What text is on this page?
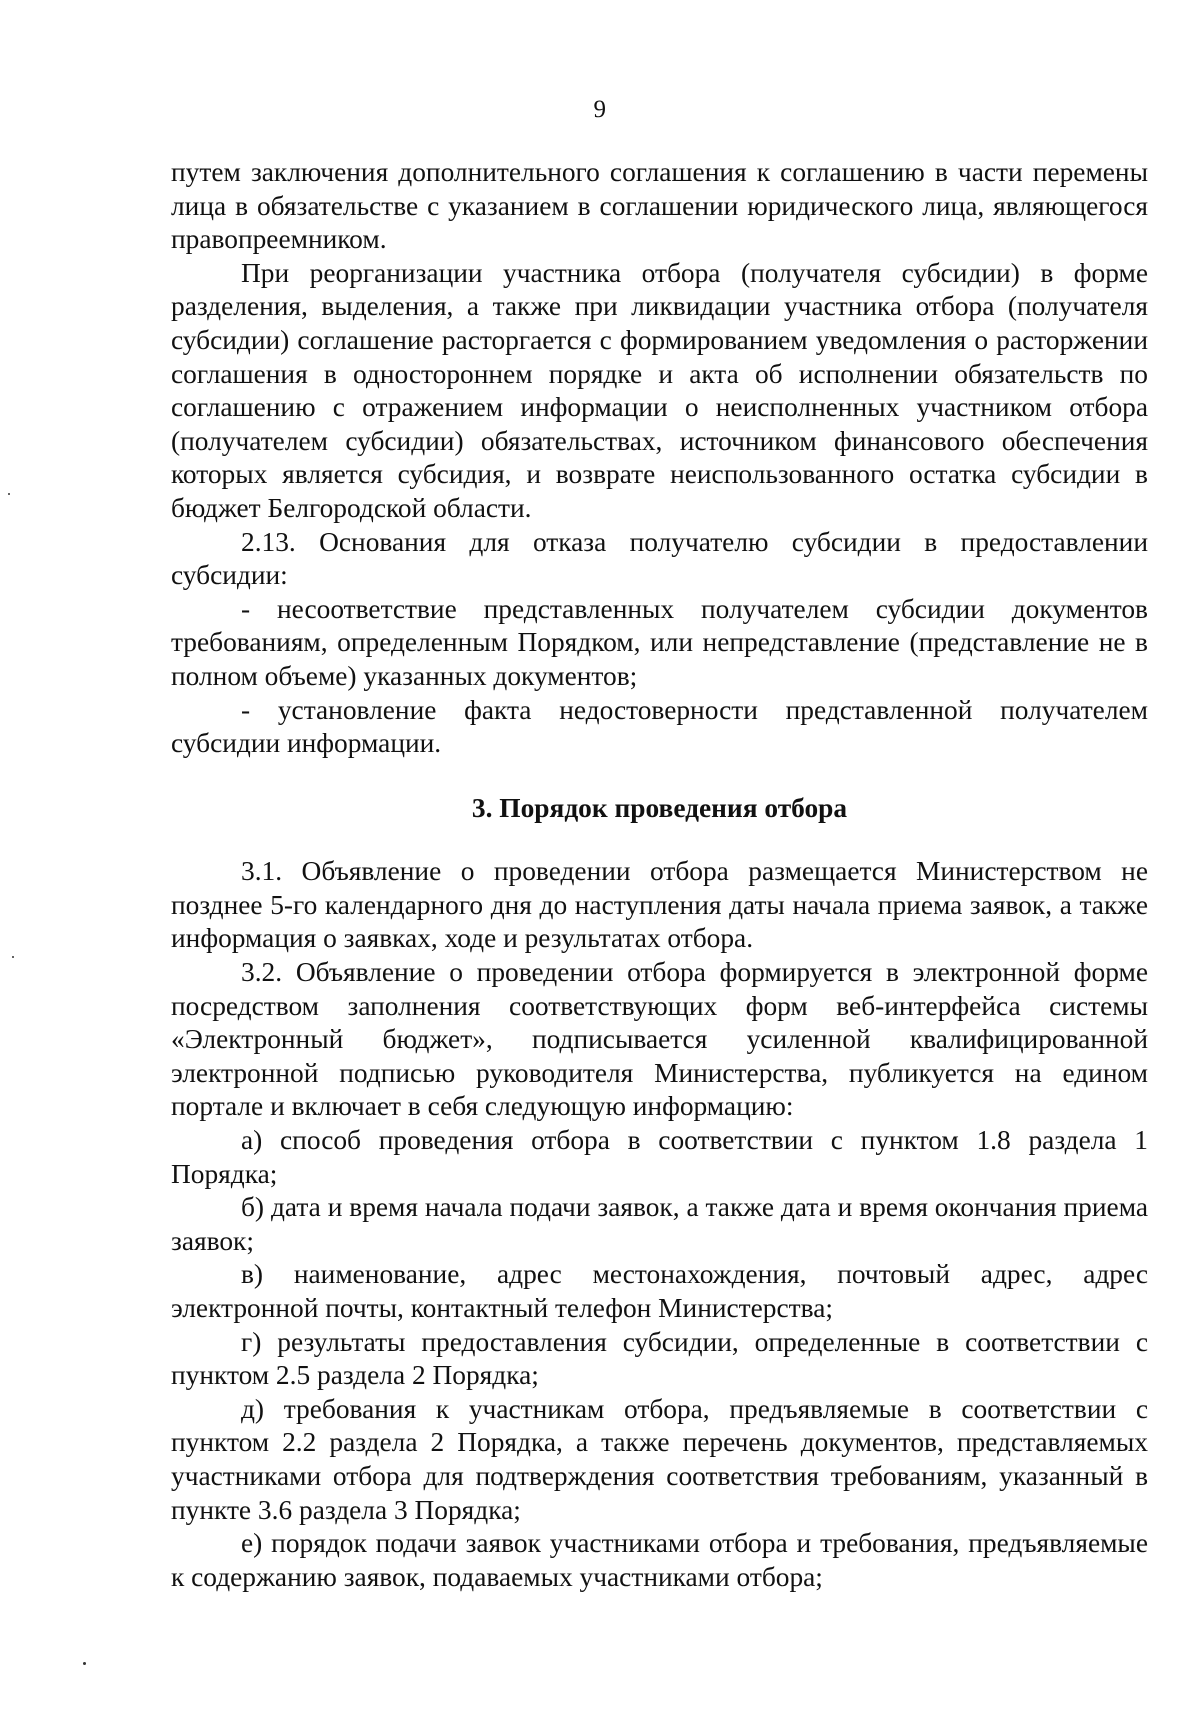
9

путем заключения дополнительного соглашения к соглашению в части перемены лица в обязательстве с указанием в соглашении юридического лица, являющегося правопреемником.

При реорганизации участника отбора (получателя субсидии) в форме разделения, выделения, а также при ликвидации участника отбора (получателя субсидии) соглашение расторгается с формированием уведомления о расторжении соглашения в одностороннем порядке и акта об исполнении обязательств по соглашению с отражением информации о неисполненных участником отбора (получателем субсидии) обязательствах, источником финансового обеспечения которых является субсидия, и возврате неиспользованного остатка субсидии в бюджет Белгородской области.

2.13. Основания для отказа получателю субсидии в предоставлении субсидии:

- несоответствие представленных получателем субсидии документов требованиям, определенным Порядком, или непредставление (представление не в полном объеме) указанных документов;

- установление факта недостоверности представленной получателем субсидии информации.

3. Порядок проведения отбора

3.1. Объявление о проведении отбора размещается Министерством не позднее 5-го календарного дня до наступления даты начала приема заявок, а также информация о заявках, ходе и результатах отбора.

3.2. Объявление о проведении отбора формируется в электронной форме посредством заполнения соответствующих форм веб-интерфейса системы «Электронный бюджет», подписывается усиленной квалифицированной электронной подписью руководителя Министерства, публикуется на едином портале и включает в себя следующую информацию:

а) способ проведения отбора в соответствии с пунктом 1.8 раздела 1 Порядка;

б) дата и время начала подачи заявок, а также дата и время окончания приема заявок;

в) наименование, адрес местонахождения, почтовый адрес, адрес электронной почты, контактный телефон Министерства;

г) результаты предоставления субсидии, определенные в соответствии с пунктом 2.5 раздела 2 Порядка;

д) требования к участникам отбора, предъявляемые в соответствии с пунктом 2.2 раздела 2 Порядка, а также перечень документов, представляемых участниками отбора для подтверждения соответствия требованиям, указанный в пункте 3.6 раздела 3 Порядка;

е) порядок подачи заявок участниками отбора и требования, предъявляемые к содержанию заявок, подаваемых участниками отбора;
